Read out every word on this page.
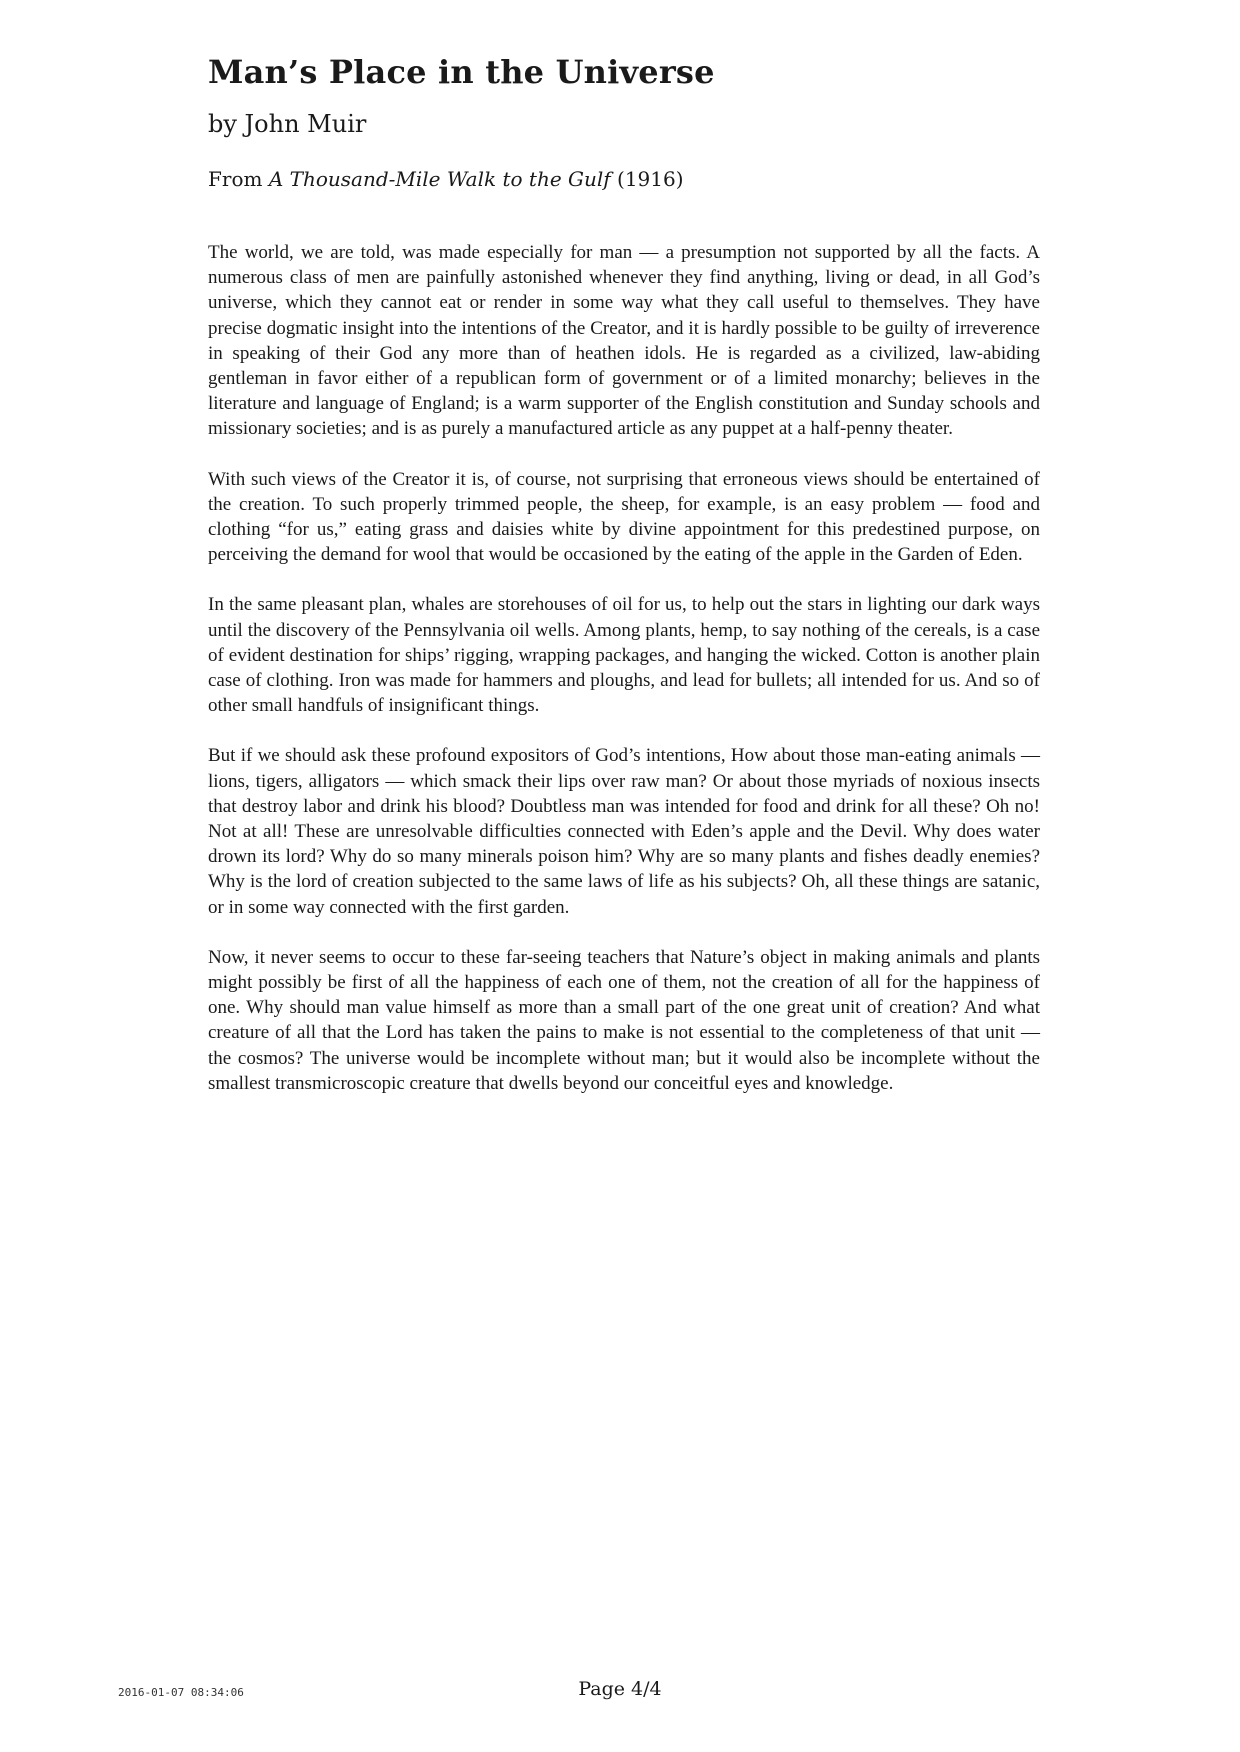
Man’s Place in the Universe
by John Muir
From A Thousand-Mile Walk to the Gulf (1916)

The world, we are told, was made especially for man — a presumption not supported by all the facts. A numerous class of men are painfully astonished whenever they find anything, living or dead, in all God’s universe, which they cannot eat or render in some way what they call useful to themselves. They have precise dogmatic insight into the intentions of the Creator, and it is hardly possible to be guilty of irreverence in speaking of their God any more than of heathen idols. He is regarded as a civilized, law-abiding gentleman in favor either of a republican form of government or of a limited monarchy; believes in the literature and language of England; is a warm supporter of the English constitution and Sunday schools and missionary societies; and is as purely a manufactured article as any puppet at a half-penny theater.

With such views of the Creator it is, of course, not surprising that erroneous views should be entertained of the creation. To such properly trimmed people, the sheep, for example, is an easy problem — food and clothing “for us,” eating grass and daisies white by divine appointment for this predestined purpose, on perceiving the demand for wool that would be occasioned by the eating of the apple in the Garden of Eden.

In the same pleasant plan, whales are storehouses of oil for us, to help out the stars in lighting our dark ways until the discovery of the Pennsylvania oil wells. Among plants, hemp, to say nothing of the cereals, is a case of evident destination for ships’ rigging, wrapping packages, and hanging the wicked. Cotton is another plain case of clothing. Iron was made for hammers and ploughs, and lead for bullets; all intended for us. And so of other small handfuls of insignificant things.

But if we should ask these profound expositors of God’s intentions, How about those man-eating animals — lions, tigers, alligators — which smack their lips over raw man? Or about those myriads of noxious insects that destroy labor and drink his blood? Doubtless man was intended for food and drink for all these? Oh no! Not at all! These are unresolvable difficulties connected with Eden’s apple and the Devil. Why does water drown its lord? Why do so many minerals poison him? Why are so many plants and fishes deadly enemies? Why is the lord of creation subjected to the same laws of life as his subjects? Oh, all these things are satanic, or in some way connected with the first garden.

Now, it never seems to occur to these far-seeing teachers that Nature’s object in making animals and plants might possibly be first of all the happiness of each one of them, not the creation of all for the happiness of one. Why should man value himself as more than a small part of the one great unit of creation? And what creature of all that the Lord has taken the pains to make is not essential to the completeness of that unit — the cosmos? The universe would be incomplete without man; but it would also be incomplete without the smallest transmicroscopic creature that dwells beyond our conceitful eyes and knowledge.

2016-01-07 08:34:06	Page 4/4
